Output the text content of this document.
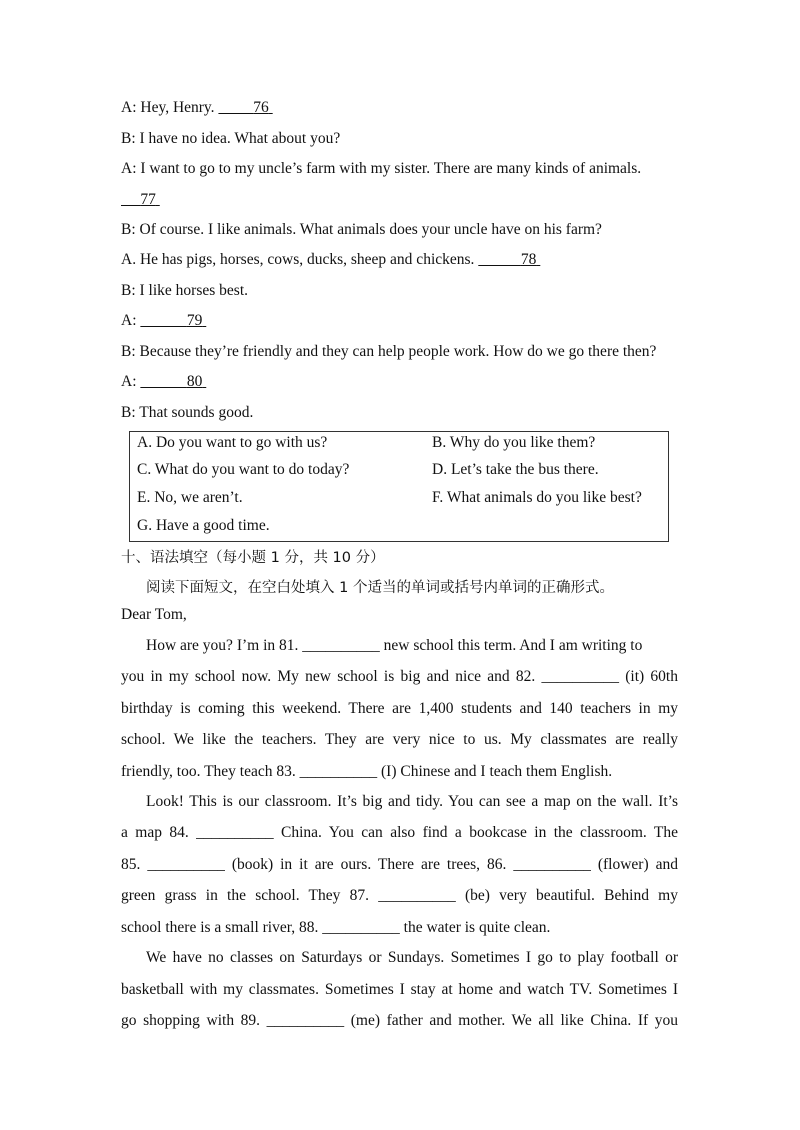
A: Hey, Henry.          76
B: I have no idea. What about you?
A: I want to go to my uncle’s farm with my sister. There are many kinds of animals.
77
B: Of course. I like animals. What animals does your uncle have on his farm?
A. He has pigs, horses, cows, ducks, sheep and chickens.	78
B: I like horses best.
A:	79
B: Because they’re friendly and they can help people work. How do we go there then?
A:	80
B: That sounds good.
A. Do you want to go with us?	B. Why do you like them?
C. What do you want to do today?	D. Let’s take the bus there.
E. No, we aren’t.	F. What animals do you like best?
G. Have a good time.
十、语法填空（每小题 1 分，共 10 分）
阅读下面短文，在空白处填入 1 个适当的单词或括号内单词的正确形式。
Dear Tom,
How are you? I’m in 81. __________ new school this term. And I am writing to
you in my school now. My new school is big and nice and 82. __________ (it) 60th
birthday is coming this weekend. There are 1,400 students and 140 teachers in my
school. We like the teachers. They are very nice to us. My classmates are really
friendly, too. They teach 83. __________ (I) Chinese and I teach them English.
Look! This is our classroom. It’s big and tidy. You can see a map on the wall. It’s
a map 84. __________ China. You can also find a bookcase in the classroom. The
85. __________ (book) in it are ours. There are trees, 86. __________ (flower) and
green grass in the school. They 87. __________ (be) very beautiful. Behind my
school there is a small river, 88. __________ the water is quite clean.
We have no classes on Saturdays or Sundays. Sometimes I go to play football or
basketball with my classmates. Sometimes I stay at home and watch TV. Sometimes I
go shopping with 89. __________ (me) father and mother. We all like China. If you
